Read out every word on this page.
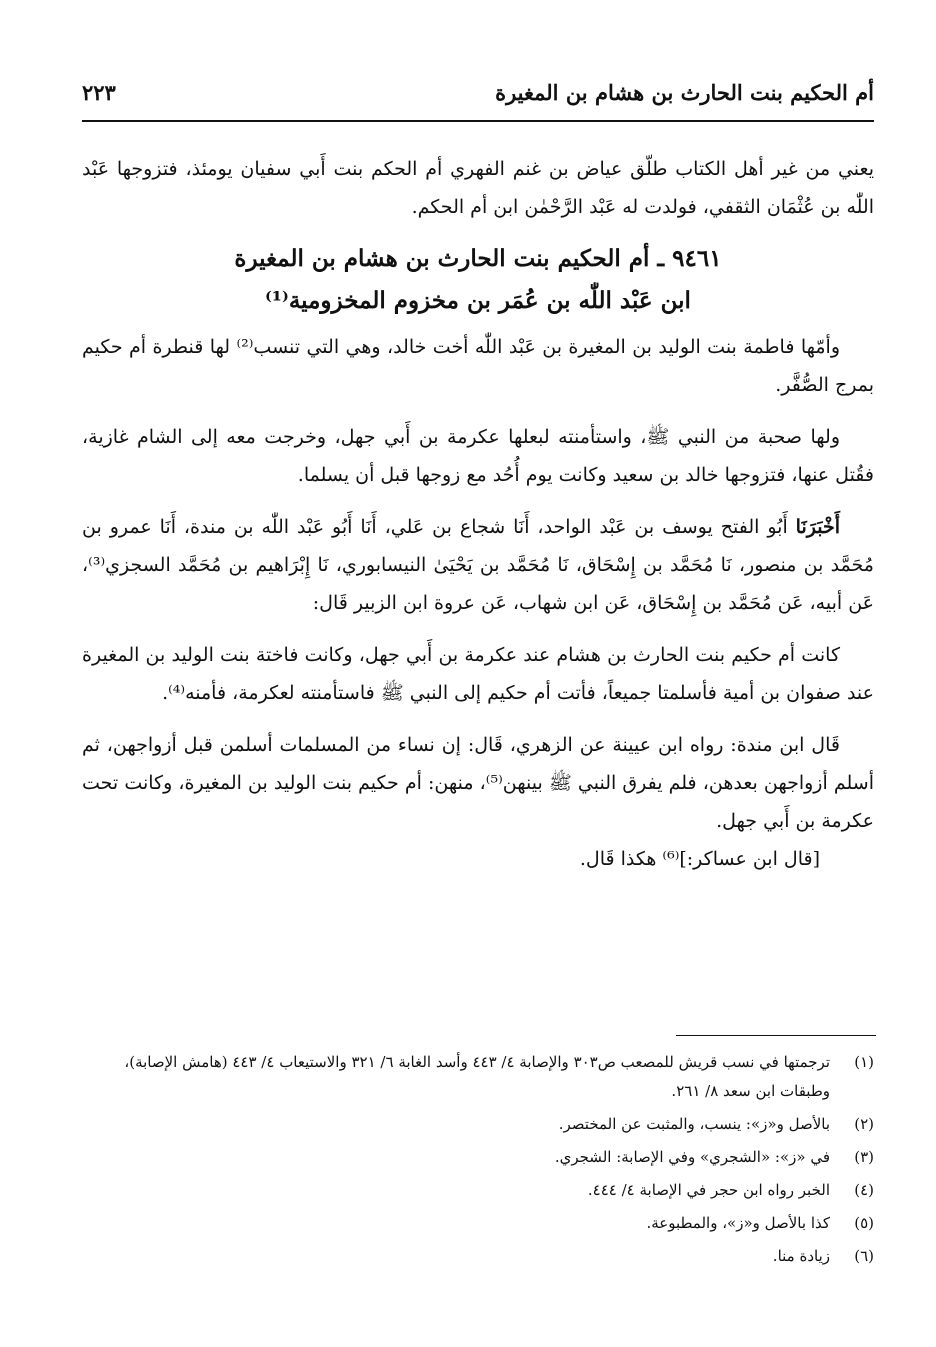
أم الحكيم بنت الحارث بن هشام بن المغيرة
٢٢٣

يعني من غير أهل الكتاب طلّق عياض بن غنم الفهري أم الحكم بنت أَبي سفيان يومئذ، فتزوجها عَبْد اللّٰه بن عُثْمَان الثقفي، فولدت له عَبْد الرَّحْمٰن ابن أم الحكم.

٩٤٦١ ـ أم الحكيم بنت الحارث بن هشام بن المغيرة
ابن عَبْد اللّٰه بن عُمَر بن مخزوم المخزومية⁽¹⁾

وأمّها فاطمة بنت الوليد بن المغيرة بن عَبْد اللّٰه أخت خالد، وهي التي تنسب⁽²⁾ لها قنطرة أم حكيم بمرج الصُّفَّر.

ولها صحبة من النبي ﷺ، واستأمنته لبعلها عكرمة بن أَبي جهل، وخرجت معه إلى الشام غازية، فقُتل عنها، فتزوجها خالد بن سعيد وكانت يوم أُحُد مع زوجها قبل أن يسلما.

أَخْبَرَنَا أَبُو الفتح يوسف بن عَبْد الواحد، أَنَا شجاع بن عَلي، أَنَا أَبُو عَبْد اللّٰه بن مندة، أَنَا عمرو بن مُحَمَّد بن منصور، نَا مُحَمَّد بن إِسْحَاق، نَا مُحَمَّد بن يَحْيَىٰ النيسابوري، نَا إِبْرَاهيم بن مُحَمَّد السجزي⁽³⁾، عَن أبيه، عَن مُحَمَّد بن إِسْحَاق، عَن ابن شهاب، عَن عروة ابن الزبير قَال:

كانت أم حكيم بنت الحارث بن هشام عند عكرمة بن أَبي جهل، وكانت فاختة بنت الوليد بن المغيرة عند صفوان بن أمية فأسلمتا جميعاً، فأتت أم حكيم إلى النبي ﷺ فاستأمنته لعكرمة، فأمنه⁽⁴⁾.

قَال ابن مندة: رواه ابن عيينة عن الزهري، قَال: إن نساء من المسلمات أسلمن قبل أزواجهن، ثم أسلم أزواجهن بعدهن، فلم يفرق النبي ﷺ بينهن⁽⁵⁾، منهن: أم حكيم بنت الوليد بن المغيرة، وكانت تحت عكرمة بن أَبي جهل.

[قال ابن عساكر:]⁽⁶⁾ هكذا قَال.

(١)
ترجمتها في نسب قريش للمصعب ص٣٠٣ والإصابة ٤/ ٤٤٣ وأسد الغابة ٦/ ٣٢١ والاستيعاب ٤/ ٤٤٣ (هامش الإصابة)، وطبقات ابن سعد ٨/ ٢٦١.
(٢)
بالأصل و«ز»: ينسب، والمثبت عن المختصر.
(٣)
في «ز»: «الشجري» وفي الإصابة: الشجري.
(٤)
الخبر رواه ابن حجر في الإصابة ٤/ ٤٤٤.
(٥)
كذا بالأصل و«ز»، والمطبوعة.
(٦)
زيادة منا.
